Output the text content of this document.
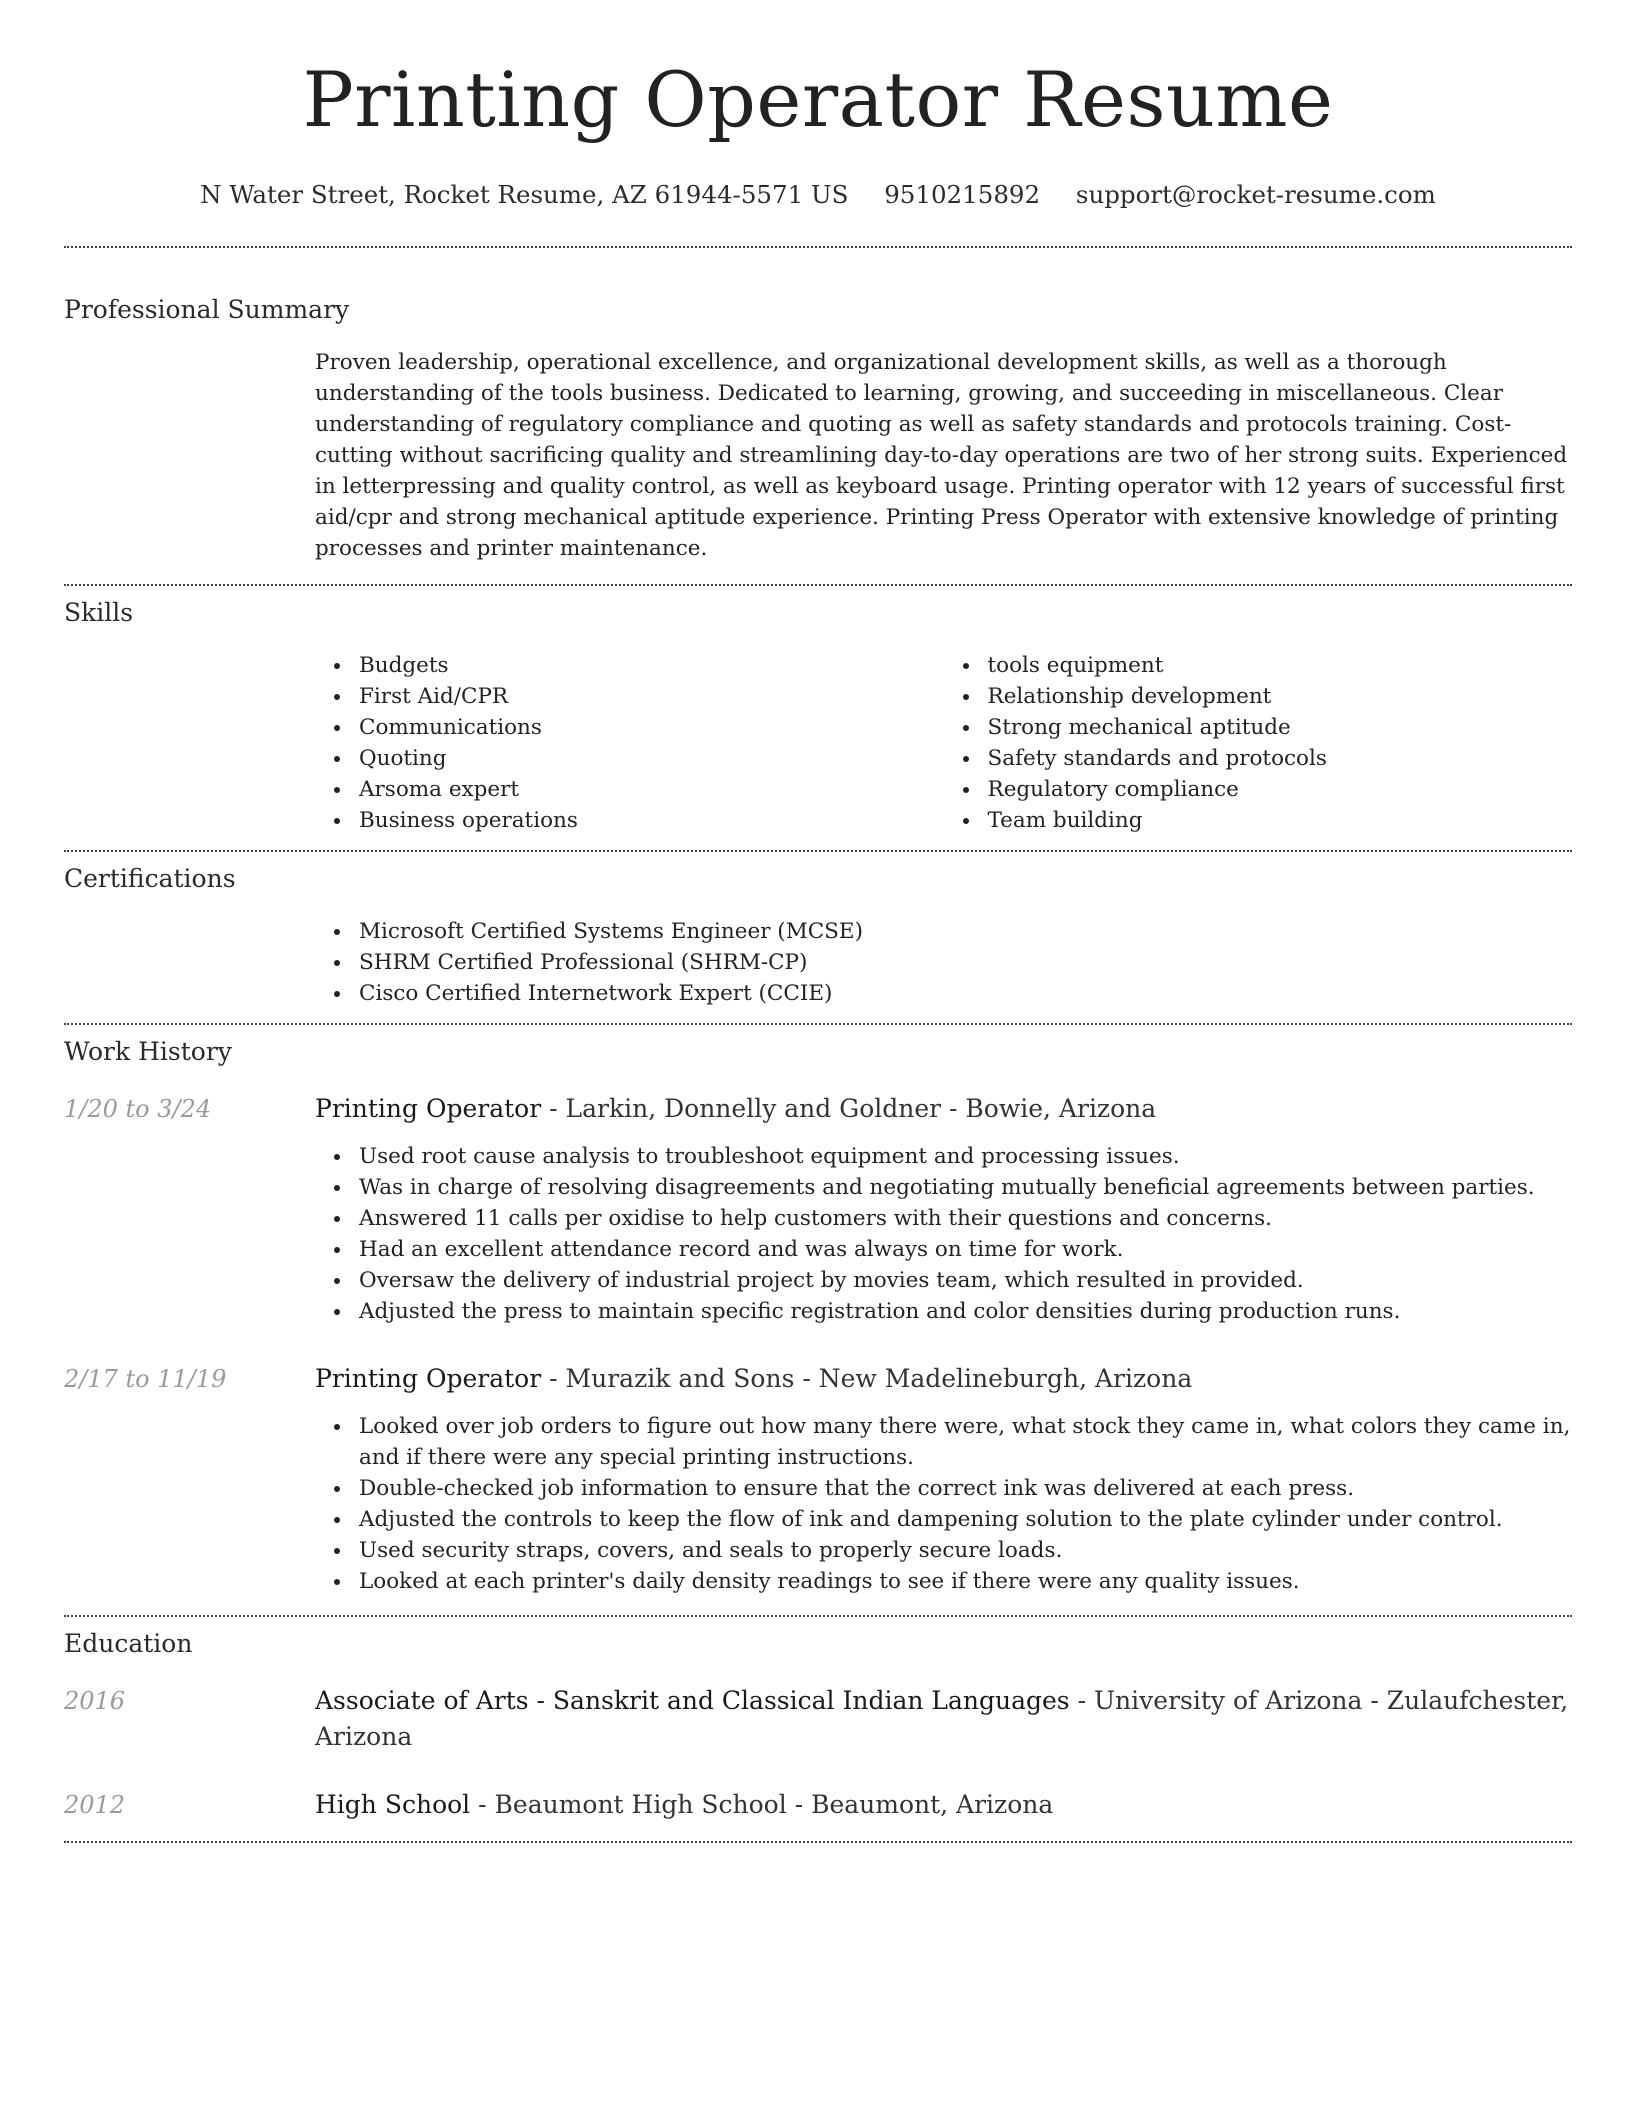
Printing Operator Resume
N Water Street, Rocket Resume, AZ 61944-5571 US 9510215892 support@rocket-resume.com
Professional Summary

Proven leadership, operational excellence, and organizational development skills, as well as a thorough understanding of the tools business. Dedicated to learning, growing, and succeeding in miscellaneous. Clear understanding of regulatory compliance and quoting as well as safety standards and protocols training. Cost-cutting without sacrificing quality and streamlining day-to-day operations are two of her strong suits. Experienced in letterpressing and quality control, as well as keyboard usage. Printing operator with 12 years of successful first aid/cpr and strong mechanical aptitude experience. Printing Press Operator with extensive knowledge of printing processes and printer maintenance.

Skills
Budgets
First Aid/CPR
Communications
Quoting
Arsoma expert
Business operations
tools equipment
Relationship development
Strong mechanical aptitude
Safety standards and protocols
Regulatory compliance
Team building
Certifications
Microsoft Certified Systems Engineer (MCSE)
SHRM Certified Professional (SHRM-CP)
Cisco Certified Internetwork Expert (CCIE)
Work History
1/20 to 3/24	Printing Operator - Larkin, Donnelly and Goldner - Bowie, Arizona
Used root cause analysis to troubleshoot equipment and processing issues.
Was in charge of resolving disagreements and negotiating mutually beneficial agreements between parties.
Answered 11 calls per oxidise to help customers with their questions and concerns.
Had an excellent attendance record and was always on time for work.
Oversaw the delivery of industrial project by movies team, which resulted in provided.
Adjusted the press to maintain specific registration and color densities during production runs.
2/17 to 11/19	Printing Operator - Murazik and Sons - New Madelineburgh, Arizona
Looked over job orders to figure out how many there were, what stock they came in, what colors they came in, and if there were any special printing instructions.
Double-checked job information to ensure that the correct ink was delivered at each press.
Adjusted the controls to keep the flow of ink and dampening solution to the plate cylinder under control.
Used security straps, covers, and seals to properly secure loads.
Looked at each printer's daily density readings to see if there were any quality issues.
Education
2016	Associate of Arts - Sanskrit and Classical Indian Languages - University of Arizona - Zulaufchester, Arizona
2012	High School - Beaumont High School - Beaumont, Arizona
